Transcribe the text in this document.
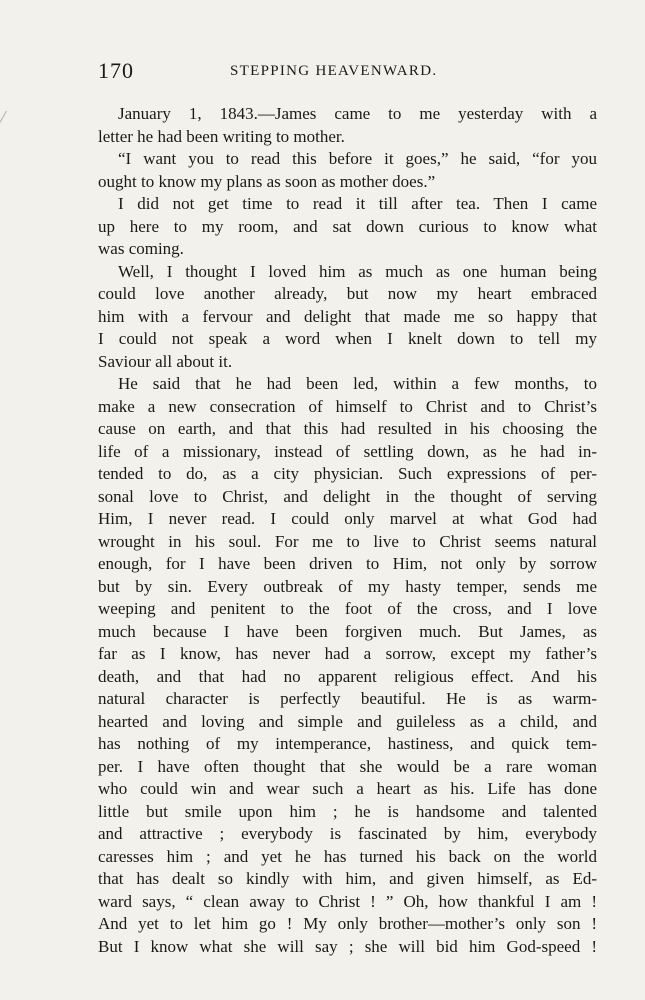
170	STEPPING HEAVENWARD.
January 1, 1843.—James came to me yesterday with a
letter he had been writing to mother.
“I want you to read this before it goes,” he said, “for you
ought to know my plans as soon as mother does.”
I did not get time to read it till after tea. Then I came
up here to my room, and sat down curious to know what
was coming.
Well, I thought I loved him as much as one human being
could love another already, but now my heart embraced
him with a fervour and delight that made me so happy that
I could not speak a word when I knelt down to tell my
Saviour all about it.
He said that he had been led, within a few months, to
make a new consecration of himself to Christ and to Christ’s
cause on earth, and that this had resulted in his choosing the
life of a missionary, instead of settling down, as he had in-
tended to do, as a city physician. Such expressions of per-
sonal love to Christ, and delight in the thought of serving
Him, I never read. I could only marvel at what God had
wrought in his soul. For me to live to Christ seems natural
enough, for I have been driven to Him, not only by sorrow
but by sin. Every outbreak of my hasty temper, sends me
weeping and penitent to the foot of the cross, and I love
much because I have been forgiven much. But James, as
far as I know, has never had a sorrow, except my father’s
death, and that had no apparent religious effect. And his
natural character is perfectly beautiful. He is as warm-
hearted and loving and simple and guileless as a child, and
has nothing of my intemperance, hastiness, and quick tem-
per. I have often thought that she would be a rare woman
who could win and wear such a heart as his. Life has done
little but smile upon him ; he is handsome and talented
and attractive ; everybody is fascinated by him, everybody
caresses him ; and yet he has turned his back on the world
that has dealt so kindly with him, and given himself, as Ed-
ward says, “ clean away to Christ ! ” Oh, how thankful I am !
And yet to let him go ! My only brother—mother’s only son !
But I know what she will say ; she will bid him God-speed !
